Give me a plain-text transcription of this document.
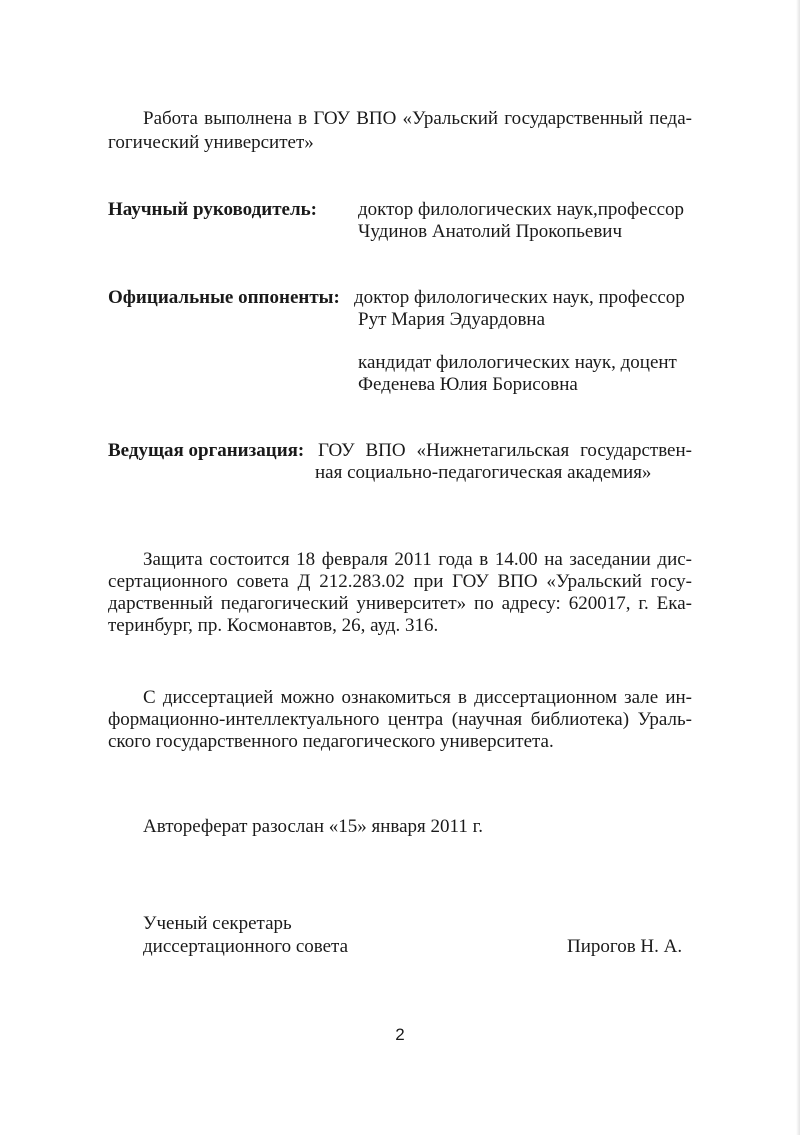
Работа выполнена в ГОУ ВПО «Уральский государственный педа-
гогический университет»
Научный руководитель: доктор филологических наук,профессор
Чудинов Анатолий Прокопьевич
Официальные оппоненты: доктор филологических наук, профессор
Рут Мария Эдуардовна
кандидат филологических наук, доцент
Феденева Юлия Борисовна
Ведущая организация: ГОУ ВПО «Нижнетагильская государствен-
ная социально-педагогическая академия»
Защита состоится 18 февраля 2011 года в 14.00 на заседании дис-
сертационного совета Д 212.283.02 при ГОУ ВПО «Уральский госу-
дарственный педагогический университет» по адресу: 620017, г. Ека-
теринбург, пр. Космонавтов, 26, ауд. 316.
С диссертацией можно ознакомиться в диссертационном зале ин-
формационно-интеллектуального центра (научная библиотека) Ураль-
ского государственного педагогического университета.
Автореферат разослан «15» января 2011 г.
Ученый секретарь
диссертационного совета	Пирогов Н. А.
2
